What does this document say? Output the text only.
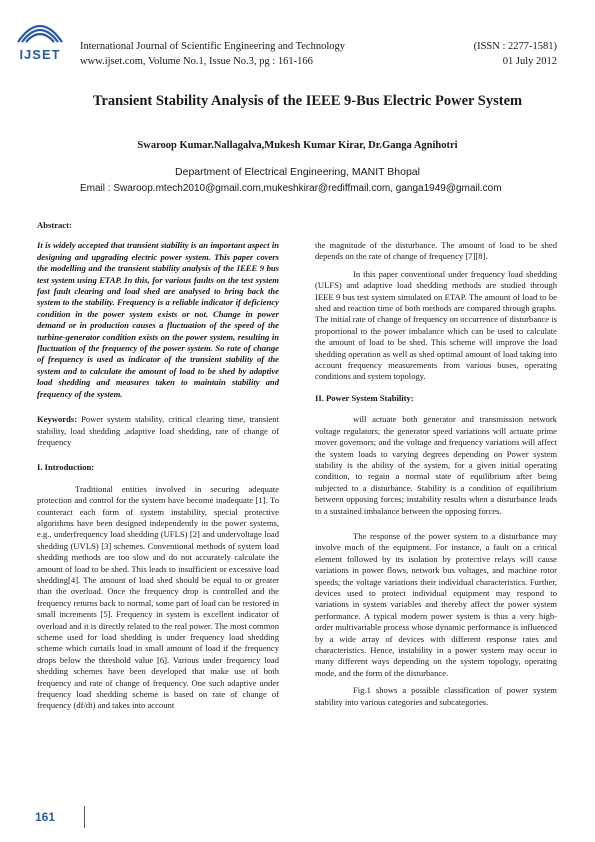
IJSET
International Journal of Scientific Engineering and Technology
www.ijset.com, Volume No.1, Issue No.3, pg : 161-166
(ISSN : 2277-1581)
01 July 2012
Transient Stability Analysis of the IEEE 9-Bus Electric Power System
Swaroop Kumar.Nallagalva,Mukesh Kumar Kirar, Dr.Ganga Agnihotri
Department of Electrical Engineering, MANIT Bhopal
Email : Swaroop.mtech2010@gmail.com,mukeshkirar@rediffmail.com, ganga1949@gmail.com
Abstract:

It is widely accepted that transient stability is an important aspect in designing and upgrading electric power system. This paper covers the modelling and the transient stability analysis of the IEEE 9 bus test system using ETAP. In this, for various faults on the test system fast fault clearing and load shed are analysed to bring back the system to the stability. Frequency is a reliable indicator if deficiency condition in the power system exists or not. Change in power demand or in production causes a fluctuation of the speed of the turbine-generator condition exists on the power system, resulting in fluctuation of the frequency of the power system. So rate of change of frequency is used as indicator of the transient stability of the system and to calculate the amount of load to be shed by adaptive load shedding and measures taken to maintain stability and frequency of the system.

Keywords: Power system stability, critical clearing time, transient stability, load shedding ,adaptive load shedding, rate of change of frequency

I. Introduction:

Traditional entities involved in securing adequate protection and control for the system have become inadequate [1]. To counteract each form of system instability, special protective algorithms have been designed independently in the power systems, e.g., underfrequency load shedding (UFLS) [2] and undervoltage load shedding (UVLS) [3] schemes. Conventional methods of system load shedding methods are too slow and do not accurately calculate the amount of load to be shed. This leads to insufficient or excessive load shedding[4]. The amount of load shed should be equal to or greater than the overload. Once the frequency drop is controlled and the frequency returns back to normal, some part of load can be restored in small increments [5]. Frequency in system is excellent indicator of overload and it is directly related to the real power. The most common scheme used for load shedding is under frequency load shedding scheme which curtails load in small amount of load if the frequency drops below the threshold value [6]. Various under frequency load shedding schemes have been developed that make use of both frequency and rate of change of frequency. One such adaptive under frequency load shedding scheme is based on rate of change of frequency (df/dt) and takes into account

the magnitude of the disturbance. The amount of load to be shed depends on the rate of change of frequency [7][8].

In this paper conventional under frequency load shedding (ULFS) and adaptive load shedding methods are studied through IEEE 9 bus test system simulated on ETAP. The amount of load to be shed and reaction time of both methods are compared through graphs. The initial rate of change of frequency on occurrence of disturbance is proportional to the power imbalance which can be used to calculate the amount of load to be shed. This scheme will improve the load shedding operation as well as shed optimal amount of load taking into account frequency measurements from various buses, operating conditions and system topology.

II. Power System Stability:

will actuate both generator and transmission network voltage regulators; the generator speed variations will actuate prime mover governors; and the voltage and frequency variations will affect the system loads to varying degrees depending on Power system stability is the ability of the system, for a given initial operating condition, to regain a normal state of equilibrium after being subjected to a disturbance. Stability is a condition of equilibrium between opposing forces; instability results when a disturbance leads to a sustained imbalance between the opposing forces.

The response of the power system to a disturbance may involve much of the equipment. For instance, a fault on a critical element followed by its isolation by protective relays will cause variations in power flows, network bus voltages, and machine rotor speeds; the voltage variations their individual characteristics. Further, devices used to protect individual equipment may respond to variations in system variables and thereby affect the power system performance. A typical modern power system is thus a very high-order multivariable process whose dynamic performance is influenced by a wide array of devices with different response rates and characteristics. Hence, instability in a power system may occur in many different ways depending on the system topology, operating mode, and the form of the disturbance.

Fig.1 shows a possible classification of power system stability into various categories and subcategories.

161
